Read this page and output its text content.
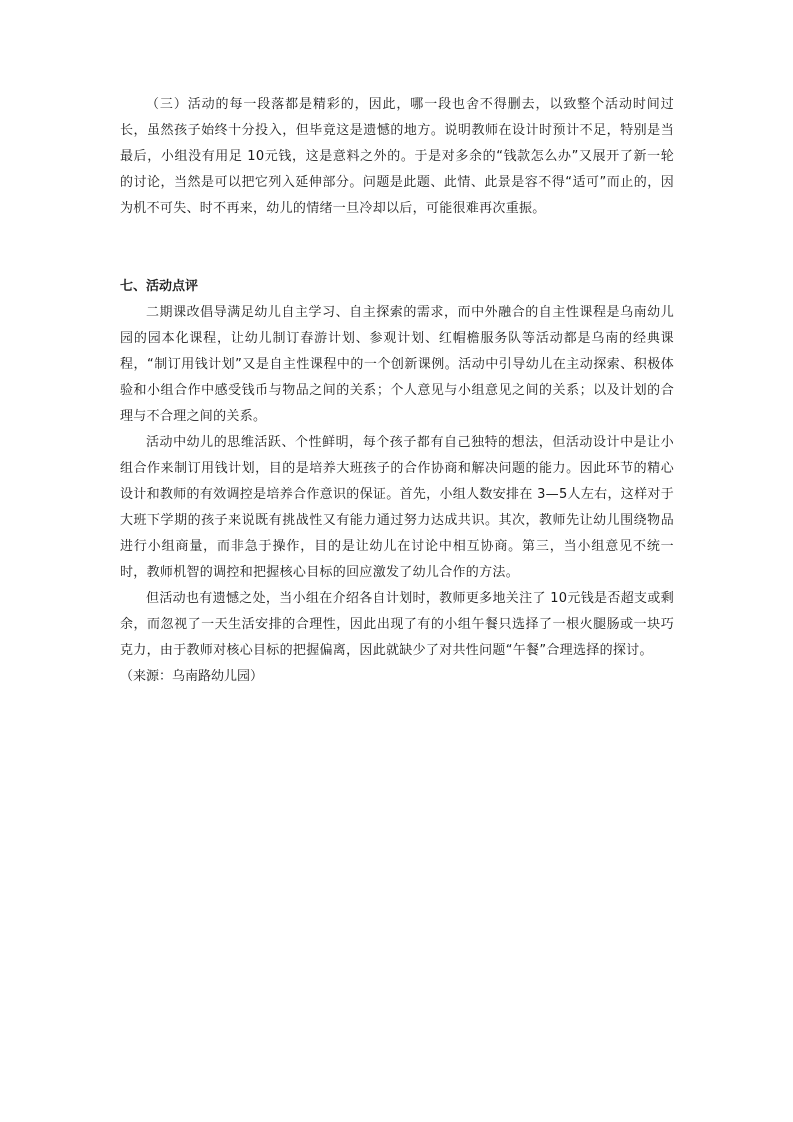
（三）活动的每一段落都是精彩的，因此，哪一段也舍不得删去，以致整个活动时间过长，虽然孩子始终十分投入，但毕竟这是遗憾的地方。说明教师在设计时预计不足，特别是当最后，小组没有用足 10元钱，这是意料之外的。于是对多余的“钱款怎么办”又展开了新一轮的讨论，当然是可以把它列入延伸部分。问题是此题、此情、此景是容不得“适可”而止的，因为机不可失、时不再来，幼儿的情绪一旦冷却以后，可能很难再次重振。

七、活动点评

二期课改倡导满足幼儿自主学习、自主探索的需求，而中外融合的自主性课程是乌南幼儿园的园本化课程，让幼儿制订春游计划、参观计划、红帽檐服务队等活动都是乌南的经典课程，“制订用钱计划”又是自主性课程中的一个创新课例。活动中引导幼儿在主动探索、积极体验和小组合作中感受钱币与物品之间的关系；个人意见与小组意见之间的关系；以及计划的合理与不合理之间的关系。

活动中幼儿的思维活跃、个性鲜明，每个孩子都有自己独特的想法，但活动设计中是让小组合作来制订用钱计划，目的是培养大班孩子的合作协商和解决问题的能力。因此环节的精心设计和教师的有效调控是培养合作意识的保证。首先，小组人数安排在 3—5人左右，这样对于大班下学期的孩子来说既有挑战性又有能力通过努力达成共识。其次，教师先让幼儿围绕物品进行小组商量，而非急于操作，目的是让幼儿在讨论中相互协商。第三，当小组意见不统一时，教师机智的调控和把握核心目标的回应激发了幼儿合作的方法。

但活动也有遗憾之处，当小组在介绍各自计划时，教师更多地关注了 10元钱是否超支或剩余，而忽视了一天生活安排的合理性，因此出现了有的小组午餐只选择了一根火腿肠或一块巧克力，由于教师对核心目标的把握偏离，因此就缺少了对共性问题“午餐”合理选择的探讨。

（来源：乌南路幼儿园）
